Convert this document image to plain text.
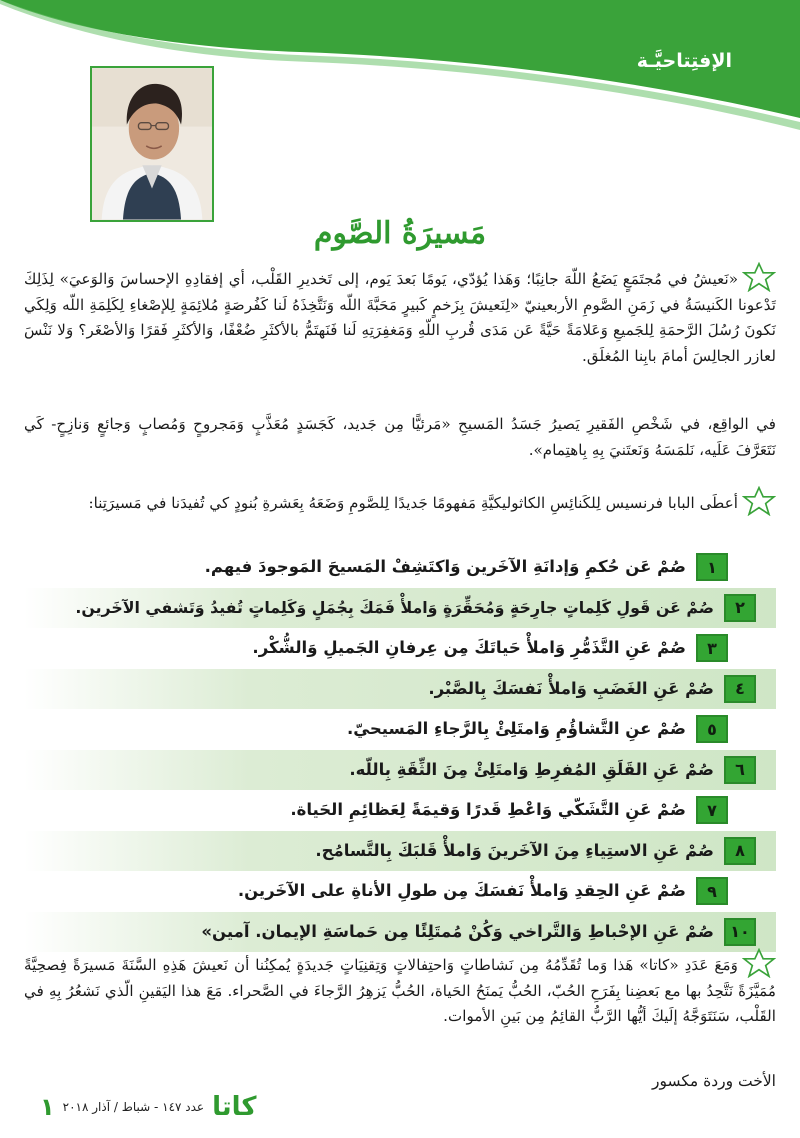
الإفتِتاحيَّـة
مَسيرَةُ الصَّوم
«نَعيشُ في مُجتَمَعٍ يَضَعُ اللّهَ جانِبًا؛ وَهَذا يُؤدّي، يَومًا بَعدَ يَوم، إلى تَخديرِ القَلْب، أي إفقادِهِ الإحساسَ وَالوَعيَ» لِذَلِكَ تَدْعونا الكَنيسَةُ في زَمَنِ الصَّومِ الأربعينيّ «لِنَعيشَ بِزَخمٍ كَبيرٍ مَحَبَّةَ اللّه وَنَتَّخِذَهُ لَنا كَفُرصَةٍ مُلائِمَةٍ لِلإصْغاءِ لِكَلِمَةِ اللّه وَلِكَي نَكونَ رُسُلَ الرَّحمَةِ لِلجَميعِ وَعَلامَةً حَيَّةً عَن مَدَى قُربِ اللّهِ وَمَغفِرَتِهِ لَنا فَنَهتَمُّ بالأكثَرِ ضُعْفًا، وَالأكثَرِ فَقرًا وَالأصْغَر؟ وَلا نَنْسَ لعازر الجالِسَ أمامَ بابِنا المُغلَق.
في الواقِع، في شَخْصِ الفَقيرِ يَصيرُ جَسَدُ المَسيحِ «مَرئيًّا مِن جَديد، كَجَسَدٍ مُعَذَّبٍ وَمَجروحٍ وَمُصابٍ وَجائعٍ وَنازِحٍ- كَي نَتَعَرَّفَ عَلَيه، نَلمَسَهُ وَنَعتَنيَ بِهِ بِاهتِمام».
أعطَى البابا فرنسيس لِلكَنائِسِ الكاثوليكيَّةِ مَفهومًا جَديدًا لِلصَّومِ وَضَعَهُ بِعَشرةِ بُنودٍ كي تُفيدَنا في مَسيرَتِنا:
١
صُمْ عَن حُكمِ وَإدانَةِ الآخَرين وَاكتَشِفْ المَسيحَ المَوجودَ فيهم.
٢
صُمْ عَن قَولِ كَلِماتٍ جارِحَةٍ وَمُحَقِّرَةٍ وَاملأْ فَمَكَ بِجُمَلٍ وَكَلِماتٍ تُفيدُ وَتَشفي الآخَرين.
٣
صُمْ عَنِ التَّذَمُّرِ وَاملأْ حَياتَكَ مِن عِرفانِ الجَميلِ وَالشُّكْر.
٤
صُمْ عَنِ الغَضَبِ وَاملأْ نَفسَكَ بِالصَّبْر.
٥
صُمْ عنِ التَّشاؤُمِ وَامتَلِئْ بِالرَّجاءِ المَسيحيّ.
٦
صُمْ عَنِ القَلَقِ المُفرِطِ وَامتَلِئْ مِنَ الثِّقَةِ بِاللّه.
٧
صُمْ عَنِ التَّشَكّي وَاعْطِ قَدرًا وَقيمَةً لِعَظائِمِ الحَياة.
٨
صُمْ عَنِ الاستِياءِ مِنَ الآخَرينَ وَاملأْ قَلبَكَ بِالتَّسامُح.
٩
صُمْ عَنِ الحِقدِ وَاملأْ نَفسَكَ مِن طولِ الأناةِ على الآخَرين.
١٠
صُمْ عَنِ الإحْباطِ وَالتَّراخي وَكُنْ مُمتَلِئًا مِن حَماسَةِ الإيمان. آمين»
وَمَعَ عَدَدِ «كاتا» هَذا وَما تُقَدِّمُهُ مِن نَشاطاتٍ وَاحتِفالاتٍ وَتِقنِيَاتٍ جَديدَةٍ يُمكِنُنا أن نَعيشَ هَذِهِ السَّنَةَ مَسيرَةً فِصحِيَّةً مُمَيَّزَةً نَتَّحِدُ بها مع بَعضِنا بِفَرَحِ الحُبّ، الحُبُّ يَمنَحُ الحَياة، الحُبُّ يَزهِرُ الرَّجاءَ في الصَّحراء. مَعَ هذا اليَقينِ الّذي نَشعُرُ بِهِ في القَلْب، سَنَتَوَجَّهُ إلَيكَ أيُّها الرَّبُّ القائِمُ مِن بَينِ الأموات.
الأخت وردة مكسور
١ عدد ١٤٧ - شباط / آذار ٢٠١٨ كاتا
